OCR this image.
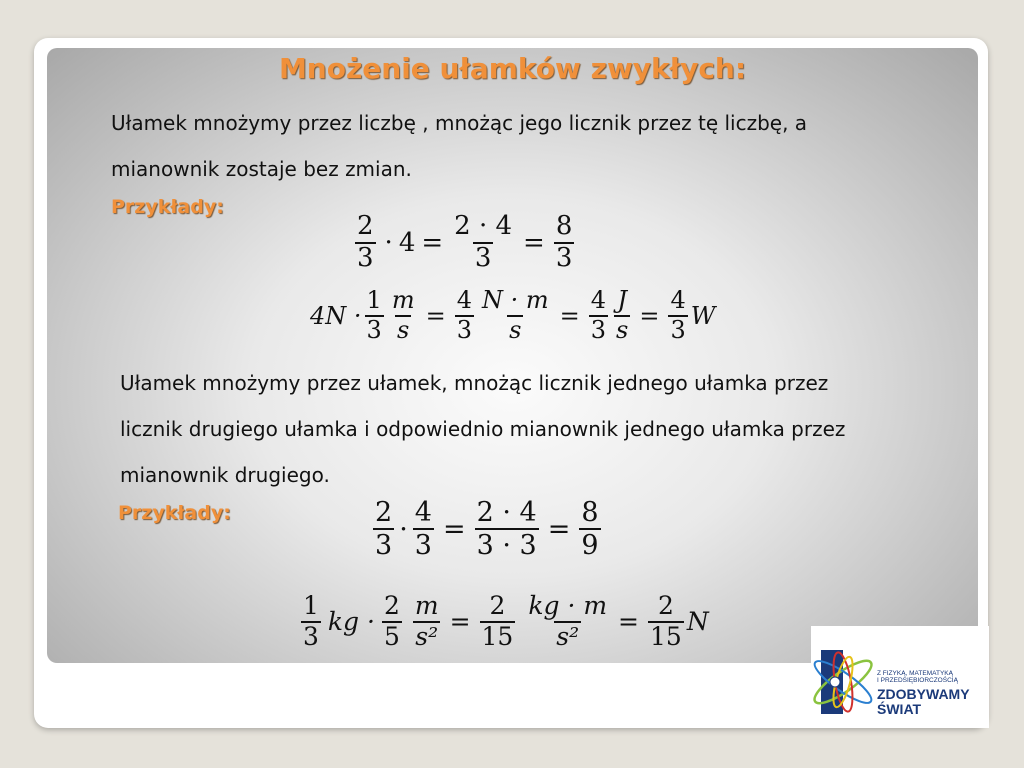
Mnożenie ułamków zwykłych:
Ułamek mnożymy przez liczbę , mnożąc jego licznik przez tę liczbę, a
mianownik zostaje bez zmian.
Przykłady:
$\frac{2}{3} \cdot 4 = \frac{2 \cdot 4}{3} = \frac{8}{3}$
$4N \cdot \frac{1}{3} \frac{m}{s} = \frac{4}{3} \frac{N \cdot m}{s} = \frac{4}{3} \frac{J}{s} = \frac{4}{3}$ W
Ułamek mnożymy przez ułamek, mnożąc licznik jednego ułamka przez
licznik drugiego ułamka i odpowiednio mianownik jednego ułamka przez
mianownik drugiego.
Przykłady:	$\frac{2}{3} \cdot \frac{4}{3} = \frac{2 \cdot 4}{3 \cdot 3} = \frac{8}{9}$
$\frac{1}{3}$ kg · $\frac{2}{5} \frac{m}{\text{s²}} = \frac{2}{15} \frac{kg \cdot m}{\text{s²}} = \frac{2}{15}$ N
Z FIZYKĄ, MATEMATYKĄ
I PRZEDSIĘBIORCZOŚCIĄ
ZDOBYWAMY
ŚWIAT
